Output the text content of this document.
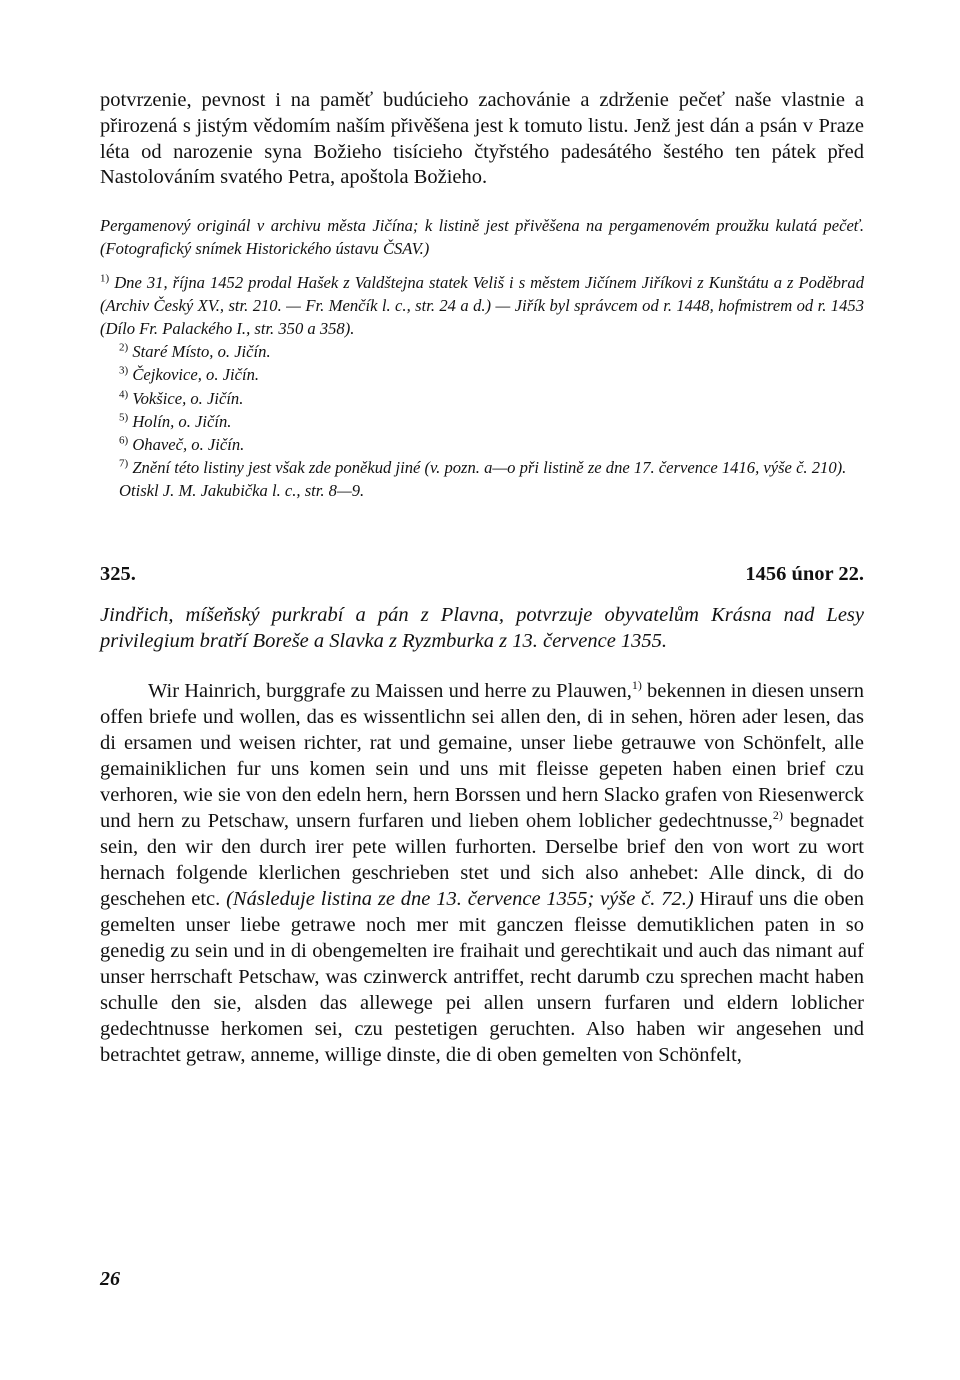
potvrzenie, pevnost i na paměť budúcieho zachovánie a zdrženie pečeť naše vlastnie a přirozená s jistým vědomím naším přivěšena jest k tomuto listu. Jenž jest dán a psán v Praze léta od narozenie syna Božieho tisícieho čtyřstého padesátého šestého ten pátek před Nastolováním svatého Petra, apoštola Božieho.

Pergamenový originál v archivu města Jičína; k listině jest přivěšena na pergamenovém proužku kulatá pečeť. (Fotografický snímek Historického ústavu ČSAV.)

$^{1)}$ Dne 31, října 1452 prodal Hašek z Valdštejna statek Veliš i s městem Jičínem Jiříkovi z Kunštátu a z Poděbrad (Archiv Český XV., str. 210. — Fr. Menčík l. c., str. 24 a d.) — Jiřík byl správcem od r. 1448, hofmistrem od r. 1453 (Dílo Fr. Palackého I., str. 350 a 358).

$^{2)}$ Staré Místo, o. Jičín.

$^{3)}$ Čejkovice, o. Jičín.

$^{4)}$ Vokšice, o. Jičín.

$^{5)}$ Holín, o. Jičín.

$^{6)}$ Ohaveč, o. Jičín.

$^{7)}$ Znění této listiny jest však zde poněkud jiné (v. pozn. a—o při listině ze dne 17. července 1416, výše č. 210).

Otiskl J. M. Jakubička l. c., str. 8—9.

325.	1456 únor 22.

Jindřich, míšeňský purkrabí a pán z Plavna, potvrzuje obyvatelům Krásna nad Lesy privilegium bratří Boreše a Slavka z Ryzmburka z 13. července 1355.

Wir Hainrich, burggrafe zu Maissen und herre zu Plauwen,$^{1)}$ bekennen in diesen unsern offen briefe und wollen, das es wissentlichn sei allen den, di in sehen, hören ader lesen, das di ersamen und weisen richter, rat und gemaine, unser liebe getrauwe von Schönfelt, alle gemainiklichen fur uns komen sein und uns mit fleisse gepeten haben einen brief czu verhoren, wie sie von den edeln hern, hern Borssen und hern Slacko grafen von Riesenwerck und hern zu Petschaw, unsern furfaren und lieben ohem loblicher gedechtnusse,$^{2)}$ begnadet sein, den wir den durch irer pete willen furhorten. Derselbe brief den von wort zu wort hernach folgende klerlichen geschrieben stet und sich also anhebet: Alle dinck, di do geschehen etc. (Následuje listina ze dne 13. července 1355; výše č. 72.) Hirauf uns die oben gemelten unser liebe getrawe noch mer mit ganczen fleisse demutiklichen paten in so genedig zu sein und in di obengemelten ire fraihait und gerechtikait und auch das nimant auf unser herrschaft Petschaw, was czinwerck antriffet, recht darumb czu sprechen macht haben schulle den sie, alsden das allewege pei allen unsern furfaren und eldern loblicher gedechtnusse herkomen sei, czu pestetigen geruchten. Also haben wir angesehen und betrachtet getraw, anneme, willige dinste, die di oben gemelten von Schönfelt,

26
